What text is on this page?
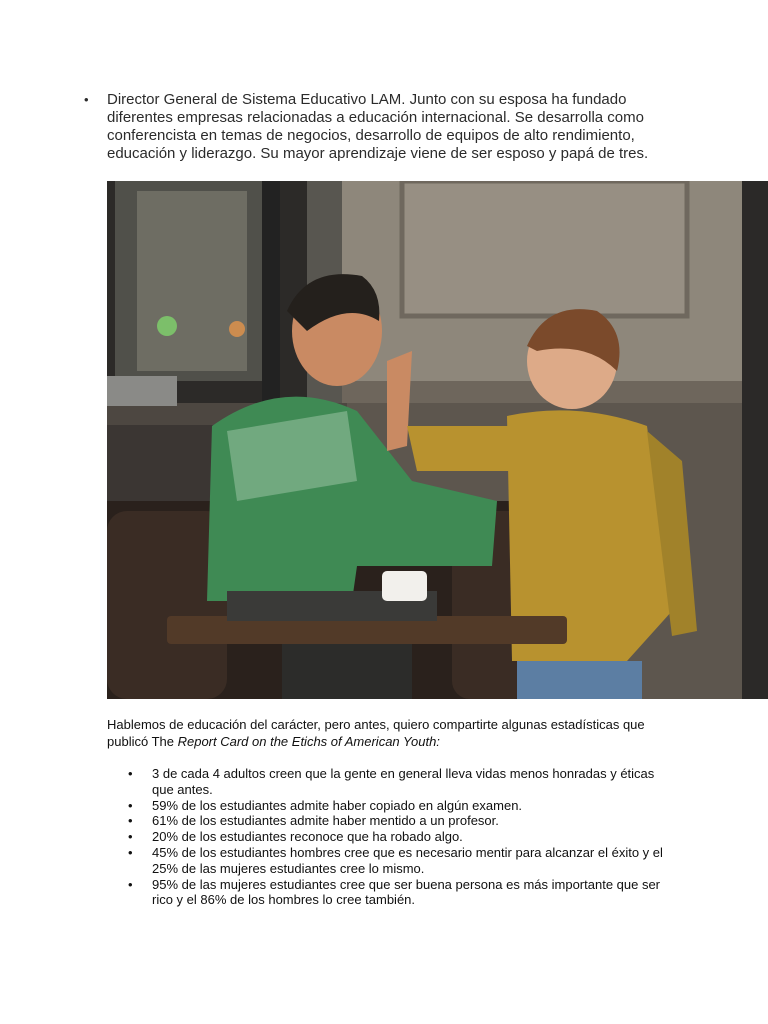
• Director General de Sistema Educativo LAM. Junto con su esposa ha fundado diferentes empresas relacionadas a educación internacional. Se desarrolla como conferencista en temas de negocios, desarrollo de equipos de alto rendimiento, educación y liderazgo. Su mayor aprendizaje viene de ser esposo y papá de tres.

Hablemos de educación del carácter, pero antes, quiero compartirte algunas estadísticas que publicó The Report Card on the Etichs of American Youth:

• 3 de cada 4 adultos creen que la gente en general lleva vidas menos honradas y éticas que antes.
• 59% de los estudiantes admite haber copiado en algún examen.
• 61% de los estudiantes admite haber mentido a un profesor.
• 20% de los estudiantes reconoce que ha robado algo.
• 45% de los estudiantes hombres cree que es necesario mentir para alcanzar el éxito y el 25% de las mujeres estudiantes cree lo mismo.
• 95% de las mujeres estudiantes cree que ser buena persona es más importante que ser rico y el 86% de los hombres lo cree también.
